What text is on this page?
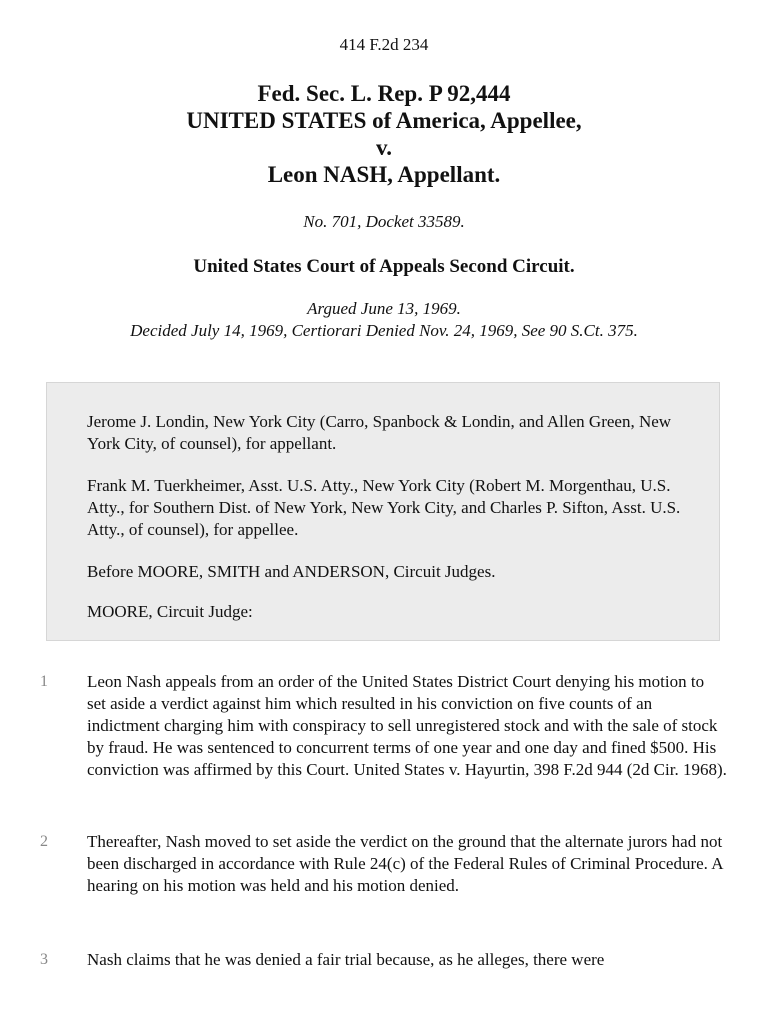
414 F.2d 234
Fed. Sec. L. Rep. P 92,444
UNITED STATES of America, Appellee,
v.
Leon NASH, Appellant.
No. 701, Docket 33589.
United States Court of Appeals Second Circuit.
Argued June 13, 1969.
Decided July 14, 1969, Certiorari Denied Nov. 24, 1969, See 90 S.Ct. 375.

Jerome J. Londin, New York City (Carro, Spanbock & Londin, and Allen Green, New York City, of counsel), for appellant.

Frank M. Tuerkheimer, Asst. U.S. Atty., New York City (Robert M. Morgenthau, U.S. Atty., for Southern Dist. of New York, New York City, and Charles P. Sifton, Asst. U.S. Atty., of counsel), for appellee.

Before MOORE, SMITH and ANDERSON, Circuit Judges.

MOORE, Circuit Judge:

1	Leon Nash appeals from an order of the United States District Court denying his motion to set aside a verdict against him which resulted in his conviction on five counts of an indictment charging him with conspiracy to sell unregistered stock and with the sale of stock by fraud. He was sentenced to concurrent terms of one year and one day and fined $500. His conviction was affirmed by this Court. United States v. Hayurtin, 398 F.2d 944 (2d Cir. 1968).
2	Thereafter, Nash moved to set aside the verdict on the ground that the alternate jurors had not been discharged in accordance with Rule 24(c) of the Federal Rules of Criminal Procedure. A hearing on his motion was held and his motion denied.
3	Nash claims that he was denied a fair trial because, as he alleges, there were
